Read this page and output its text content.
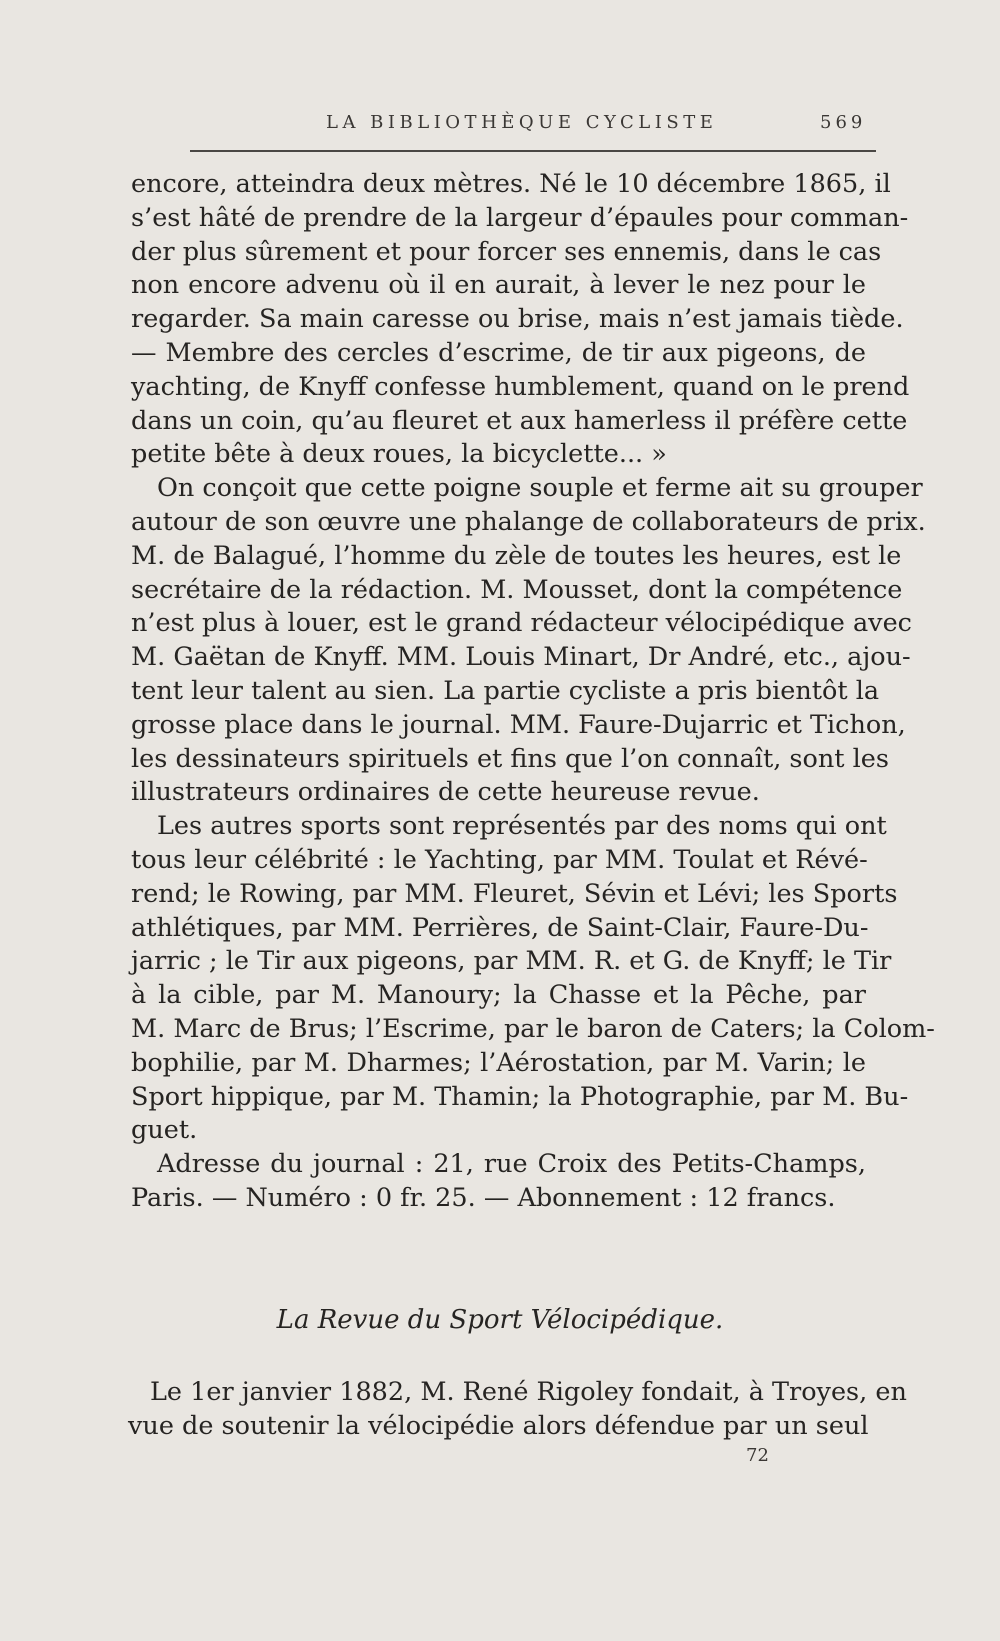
LA BIBLIOTHÈQUE CYCLISTE	569
encore, atteindra deux mètres. Né le 10 décembre 1865, il
s’est hâté de prendre de la largeur d’épaules pour comman-
der plus sûrement et pour forcer ses ennemis, dans le cas
non encore advenu où il en aurait, à lever le nez pour le
regarder. Sa main caresse ou brise, mais n’est jamais tiède.
— Membre des cercles d’escrime, de tir aux pigeons, de
yachting, de Knyff confesse humblement, quand on le prend
dans un coin, qu’au fleuret et aux hamerless il préfère cette
petite bête à deux roues, la bicyclette... »
On conçoit que cette poigne souple et ferme ait su grouper
autour de son œuvre une phalange de collaborateurs de prix.
M. de Balagué, l’homme du zèle de toutes les heures, est le
secrétaire de la rédaction. M. Mousset, dont la compétence
n’est plus à louer, est le grand rédacteur vélocipédique avec
M. Gaëtan de Knyff. MM. Louis Minart, Dr André, etc., ajou-
tent leur talent au sien. La partie cycliste a pris bientôt la
grosse place dans le journal. MM. Faure-Dujarric et Tichon,
les dessinateurs spirituels et fins que l’on connaît, sont les
illustrateurs ordinaires de cette heureuse revue.
Les autres sports sont représentés par des noms qui ont
tous leur célébrité : le Yachting, par MM. Toulat et Révé-
rend; le Rowing, par MM. Fleuret, Sévin et Lévi; les Sports
athlétiques, par MM. Perrières, de Saint-Clair, Faure-Du-
jarric ; le Tir aux pigeons, par MM. R. et G. de Knyff; le Tir
à la cible, par M. Manoury; la Chasse et la Pêche, par
M. Marc de Brus; l’Escrime, par le baron de Caters; la Colom-
bophilie, par M. Dharmes; l’Aérostation, par M. Varin; le
Sport hippique, par M. Thamin; la Photographie, par M. Bu-
guet.
Adresse du journal : 21, rue Croix des Petits-Champs,
Paris. — Numéro : 0 fr. 25. — Abonnement : 12 francs.
La Revue du Sport Vélocipédique.
Le 1er janvier 1882, M. René Rigoley fondait, à Troyes, en
vue de soutenir la vélocipédie alors défendue par un seul
72
